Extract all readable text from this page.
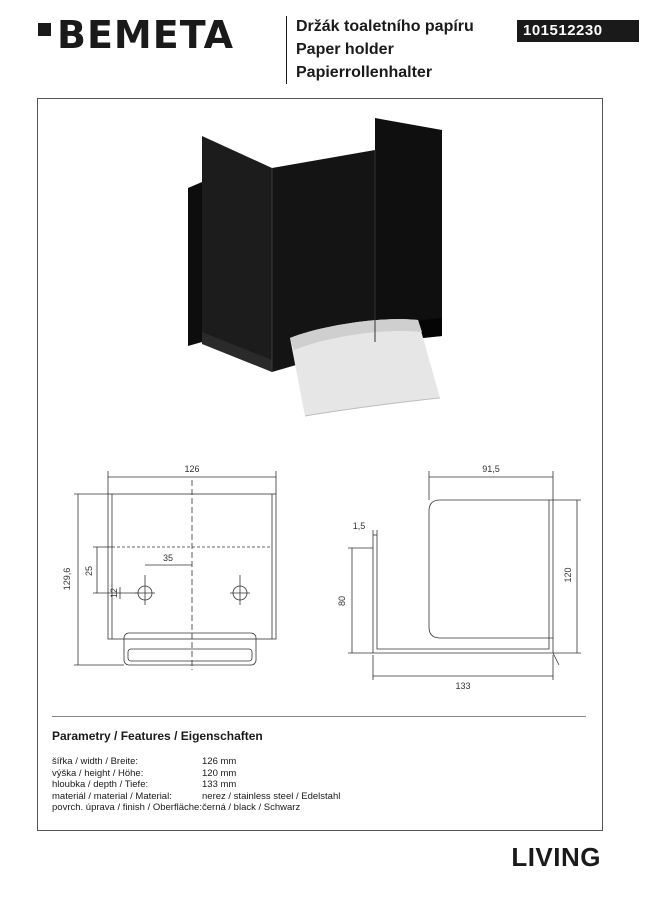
BEMETA	Držák toaletního papíru
Paper holder
Papierrollenhalter
101512230
126
129,6 25
35
12
91,5
1,5
80
120
133
Parametry / Features / Eigenschaften
šířka / width / Breite:	126 mm
výška / height / Höhe:	120 mm
hloubka / depth / Tiefe:	133 mm
materiál / material / Material:	nerez / stainless steel / Edelstahl
povrch. úprava / finish / Oberfläche: černá / black / Schwarz
LIVING
